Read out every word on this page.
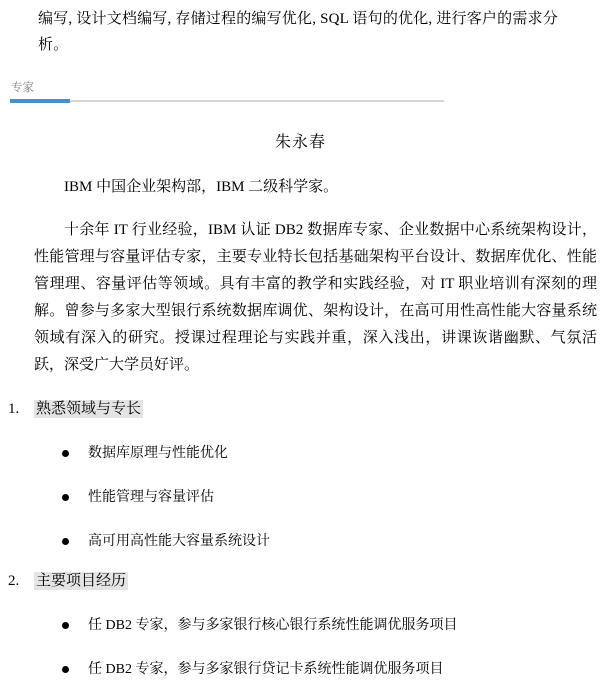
编写, 设计文档编写, 存储过程的编写优化, SQL 语句的优化, 进行客户的需求分
析。
专家
朱永春
IBM 中国企业架构部，IBM 二级科学家。
十余年 IT 行业经验，IBM 认证 DB2 数据库专家、企业数据中心系统架构设计，性能管理与容量评估专家，主要专业特长包括基础架构平台设计、数据库优化、性能管理理、容量评估等领域。具有丰富的教学和实践经验，对 IT 职业培训有深刻的理解。曾参与多家大型银行系统数据库调优、架构设计，在高可用性高性能大容量系统领域有深入的研究。授课过程理论与实践并重，深入浅出，讲课诙谐幽默、气氛活跃，深受广大学员好评。
1.	熟悉领域与专长
数据库原理与性能优化
性能管理与容量评估
高可用高性能大容量系统设计
2.	主要项目经历
任 DB2 专家，参与多家银行核心银行系统性能调优服务项目
任 DB2 专家，参与多家银行贷记卡系统性能调优服务项目
